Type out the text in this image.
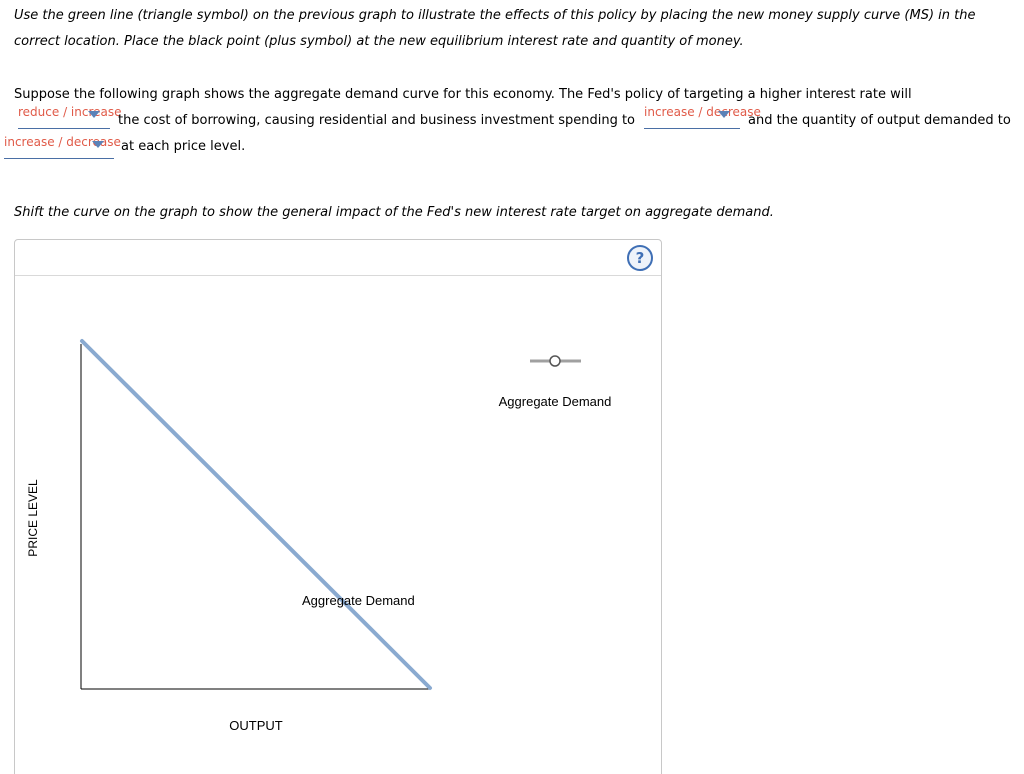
Use the green line (triangle symbol) on the previous graph to illustrate the effects of this policy by placing the new money supply curve (MS) in the
correct location. Place the black point (plus symbol) at the new equilibrium interest rate and quantity of money.
Suppose the following graph shows the aggregate demand curve for this economy. The Fed's policy of targeting a higher interest rate will
reduce / increase
the cost of borrowing, causing residential and business investment spending to
increase / decrease
and the quantity of output demanded to
increase / decrease at each price level.
Shift the curve on the graph to show the general impact of the Fed's new interest rate target on aggregate demand.
?
Aggregate Demand
PRICE LEVEL
OUTPUT
Aggregate Demand
